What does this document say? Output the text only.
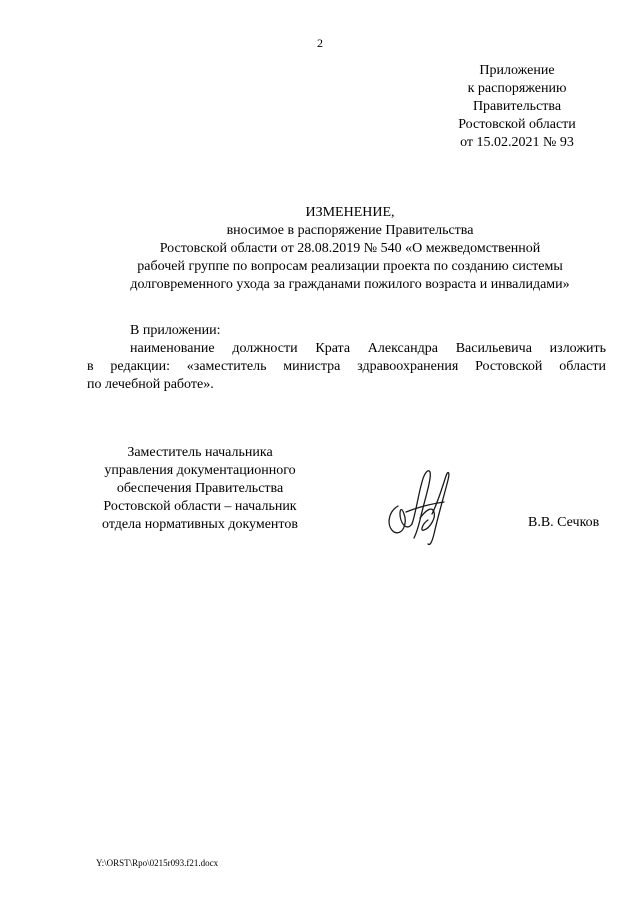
2
Приложение
к распоряжению
Правительства
Ростовской области
от 15.02.2021 № 93
ИЗМЕНЕНИЕ,
вносимое в распоряжение Правительства
Ростовской области от 28.08.2019 № 540 «О межведомственной
рабочей группе по вопросам реализации проекта по созданию системы
долговременного ухода за гражданами пожилого возраста и инвалидами»
В приложении:
наименование должности Крата Александра Васильевича изложить
в редакции: «заместитель министра здравоохранения Ростовской области
по лечебной работе».
Заместитель начальника
управления документационного
обеспечения Правительства
Ростовской области – начальник
отдела нормативных документов	В.В. Сечков
Y:\ORST\Rpo\0215r093.f21.docx
